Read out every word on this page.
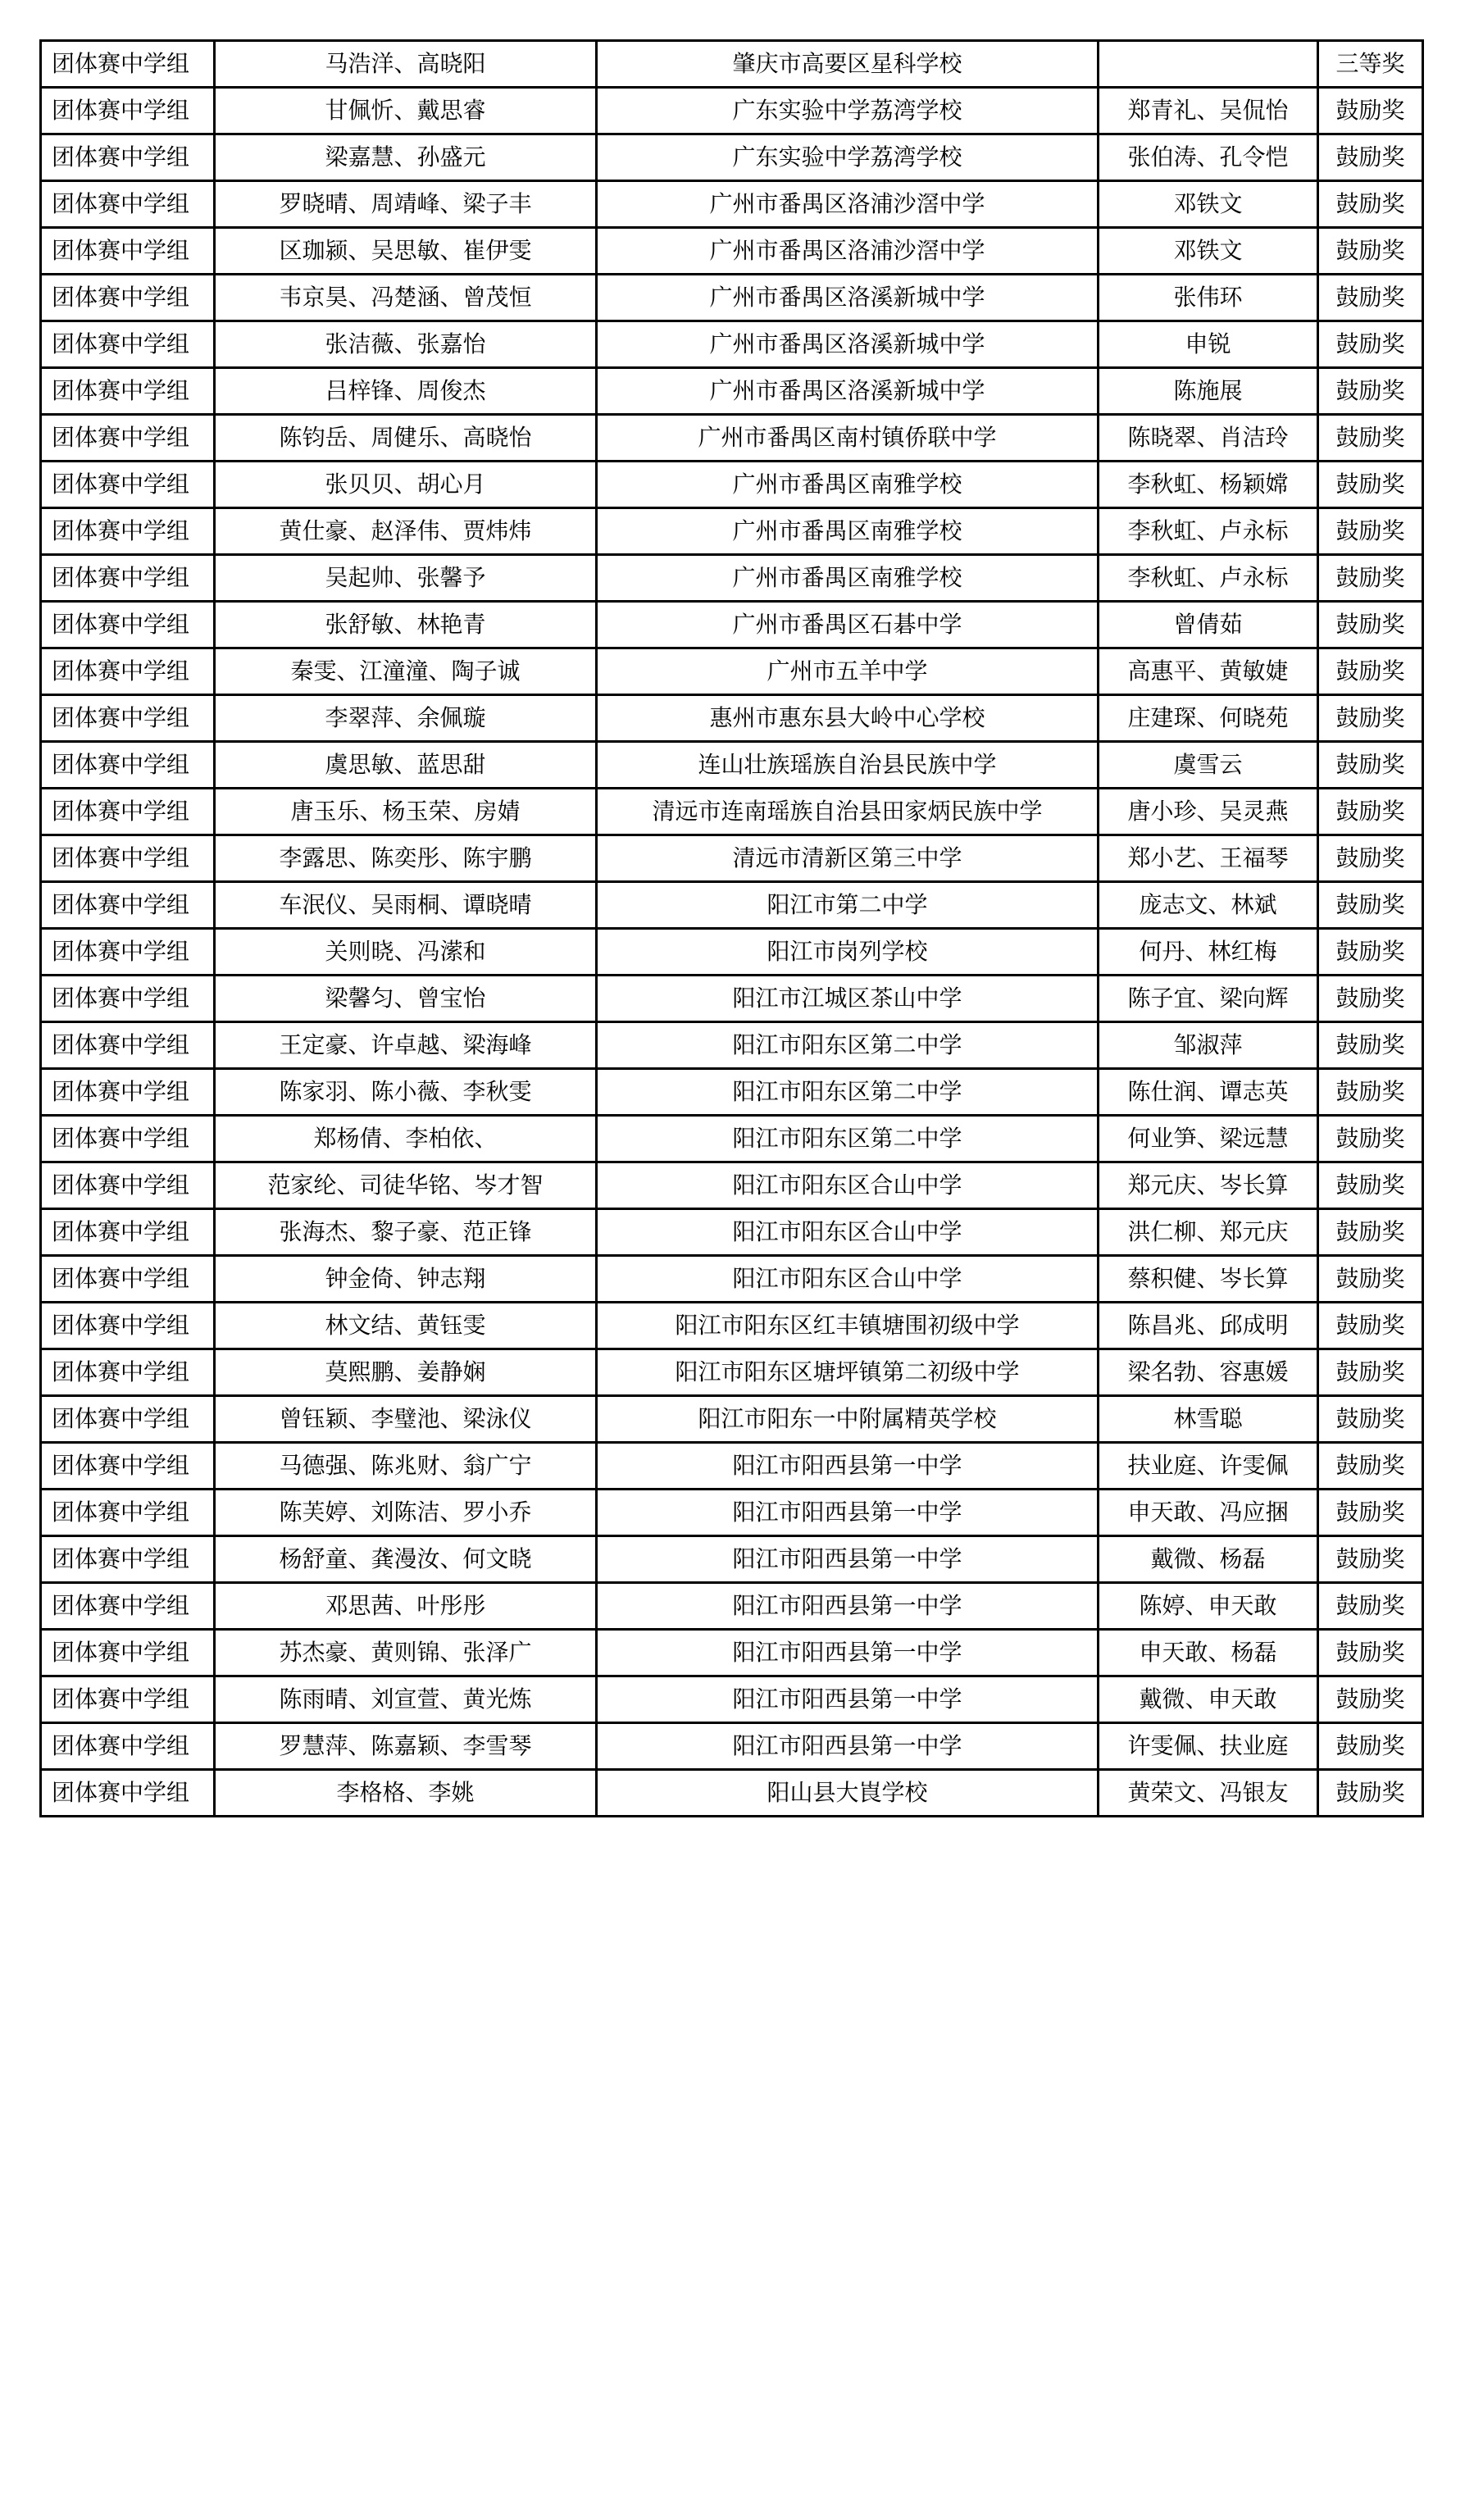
团体赛中学组	马浩洋、高晓阳	肇庆市高要区星科学校		三等奖
团体赛中学组	甘佩忻、戴思睿	广东实验中学荔湾学校	郑青礼、吴侃怡	鼓励奖
团体赛中学组	梁嘉慧、孙盛元	广东实验中学荔湾学校	张伯涛、孔令恺	鼓励奖
团体赛中学组	罗晓晴、周靖峰、梁子丰	广州市番禺区洛浦沙滘中学	邓铁文	鼓励奖
团体赛中学组	区珈颍、吴思敏、崔伊雯	广州市番禺区洛浦沙滘中学	邓铁文	鼓励奖
团体赛中学组	韦京昊、冯楚涵、曾茂恒	广州市番禺区洛溪新城中学	张伟环	鼓励奖
团体赛中学组	张洁薇、张嘉怡	广州市番禺区洛溪新城中学	申锐	鼓励奖
团体赛中学组	吕梓锋、周俊杰	广州市番禺区洛溪新城中学	陈施展	鼓励奖
团体赛中学组	陈钧岳、周健乐、高晓怡	广州市番禺区南村镇侨联中学	陈晓翠、肖洁玲	鼓励奖
团体赛中学组	张贝贝、胡心月	广州市番禺区南雅学校	李秋虹、杨颖嫦	鼓励奖
团体赛中学组	黄仕豪、赵泽伟、贾炜炜	广州市番禺区南雅学校	李秋虹、卢永标	鼓励奖
团体赛中学组	吴起帅、张馨予	广州市番禺区南雅学校	李秋虹、卢永标	鼓励奖
团体赛中学组	张舒敏、林艳青	广州市番禺区石碁中学	曾倩茹	鼓励奖
团体赛中学组	秦雯、江潼潼、陶子诚	广州市五羊中学	高惠平、黄敏婕	鼓励奖
团体赛中学组	李翠萍、余佩璇	惠州市惠东县大岭中心学校	庄建琛、何晓苑	鼓励奖
团体赛中学组	虞思敏、蓝思甜	连山壮族瑶族自治县民族中学	虞雪云	鼓励奖
团体赛中学组	唐玉乐、杨玉荣、房婧	清远市连南瑶族自治县田家炳民族中学	唐小珍、吴灵燕	鼓励奖
团体赛中学组	李露思、陈奕彤、陈宇鹏	清远市清新区第三中学	郑小艺、王福琴	鼓励奖
团体赛中学组	车泯仪、吴雨桐、谭晓晴	阳江市第二中学	庞志文、林斌	鼓励奖
团体赛中学组	关则晓、冯潆和	阳江市岗列学校	何丹、林红梅	鼓励奖
团体赛中学组	梁馨匀、曾宝怡	阳江市江城区茶山中学	陈子宜、梁向辉	鼓励奖
团体赛中学组	王定豪、许卓越、梁海峰	阳江市阳东区第二中学	邹淑萍	鼓励奖
团体赛中学组	陈家羽、陈小薇、李秋雯	阳江市阳东区第二中学	陈仕润、谭志英	鼓励奖
团体赛中学组	郑杨倩、李柏依、	阳江市阳东区第二中学	何业笋、梁远慧	鼓励奖
团体赛中学组	范家纶、司徒华铭、岑才智	阳江市阳东区合山中学	郑元庆、岑长算	鼓励奖
团体赛中学组	张海杰、黎子豪、范正锋	阳江市阳东区合山中学	洪仁柳、郑元庆	鼓励奖
团体赛中学组	钟金倚、钟志翔	阳江市阳东区合山中学	蔡积健、岑长算	鼓励奖
团体赛中学组	林文结、黄钰雯	阳江市阳东区红丰镇塘围初级中学	陈昌兆、邱成明	鼓励奖
团体赛中学组	莫熙鹏、姜静娴	阳江市阳东区塘坪镇第二初级中学	梁名勃、容惠媛	鼓励奖
团体赛中学组	曾钰颖、李璧池、梁泳仪	阳江市阳东一中附属精英学校	林雪聪	鼓励奖
团体赛中学组	马德强、陈兆财、翁广宁	阳江市阳西县第一中学	扶业庭、许雯佩	鼓励奖
团体赛中学组	陈芙婷、刘陈洁、罗小乔	阳江市阳西县第一中学	申天敢、冯应捆	鼓励奖
团体赛中学组	杨舒童、龚漫汝、何文晓	阳江市阳西县第一中学	戴微、杨磊	鼓励奖
团体赛中学组	邓思茜、叶彤彤	阳江市阳西县第一中学	陈婷、申天敢	鼓励奖
团体赛中学组	苏杰豪、黄则锦、张泽广	阳江市阳西县第一中学	申天敢、杨磊	鼓励奖
团体赛中学组	陈雨晴、刘宣萱、黄光炼	阳江市阳西县第一中学	戴微、申天敢	鼓励奖
团体赛中学组	罗慧萍、陈嘉颖、李雪琴	阳江市阳西县第一中学	许雯佩、扶业庭	鼓励奖
团体赛中学组	李格格、李姚	阳山县大崀学校	黄荣文、冯银友	鼓励奖
